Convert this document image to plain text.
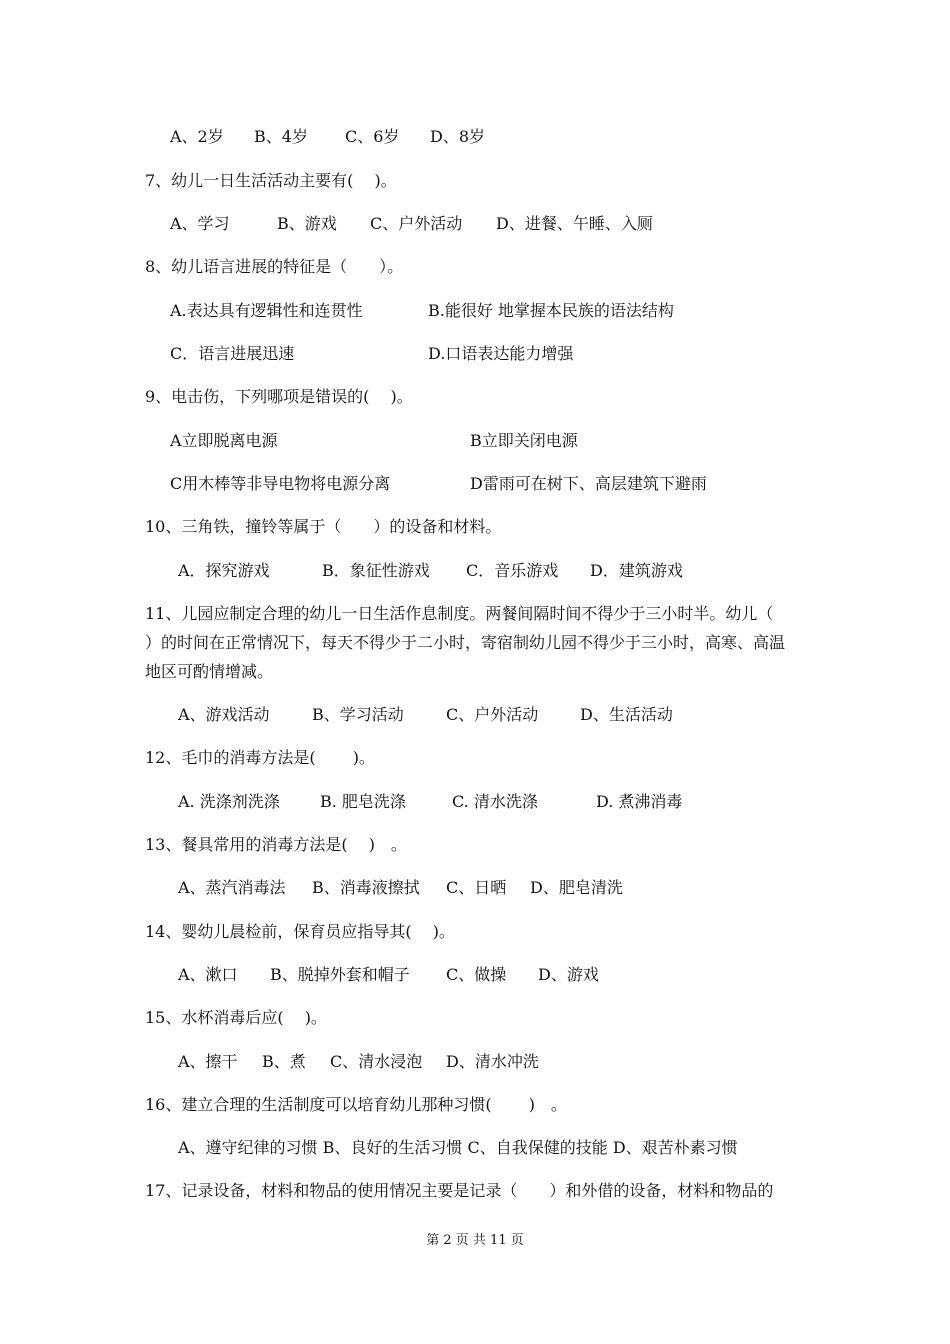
A、2岁 B、4岁 C、6岁 D、8岁
7、幼儿一日生活活动主要有(　 )。
A、学习	B、游戏 C、户外活动 D、进餐、午睡、入厕
8、幼儿语言进展的特征是（　　）。
A.表达具有逻辑性和连贯性	B.能很好 地掌握本民族的语法结构
C．语言进展迅速	D.口语表达能力增强
9、电击伤，下列哪项是错误的(　 )。
A立即脱离电源	B立即关闭电源
C用木棒等非导电物将电源分离	D雷雨可在树下、高层建筑下避雨
10、三角铁，撞铃等属于（　　）的设备和材料。
A．探究游戏	B．象征性游戏 C．音乐游戏 D．建筑游戏
11、儿园应制定合理的幼儿一日生活作息制度。两餐间隔时间不得少于三小时半。幼儿（
）的时间在正常情况下，每天不得少于二小时，寄宿制幼儿园不得少于三小时，高寒、高温
地区可酌情增减。
A、游戏活动	B、学习活动	C、户外活动	D、生活活动
12、毛巾的消毒方法是(　　 )。
A. 洗涤剂洗涤	B. 肥皂洗涤	C. 清水洗涤	D. 煮沸消毒
13、餐具常用的消毒方法是(　 )　。
A、蒸汽消毒法 B、消毒液擦拭 C、日晒 D、肥皂清洗
14、婴幼儿晨检前，保育员应指导其(　 )。
A、漱口 B、脱掉外套和帽子 C、做操 D、游戏
15、水杯消毒后应(　 )。
A、擦干 B、煮 C、清水浸泡 D、清水冲洗
16、建立合理的生活制度可以培育幼儿那种习惯(　　 )　。
A、遵守纪律的习惯 B、良好的生活习惯 C、自我保健的技能 D、艰苦朴素习惯
17、记录设备，材料和物品的使用情况主要是记录（　　）和外借的设备，材料和物品的
第 2 页 共 11 页
